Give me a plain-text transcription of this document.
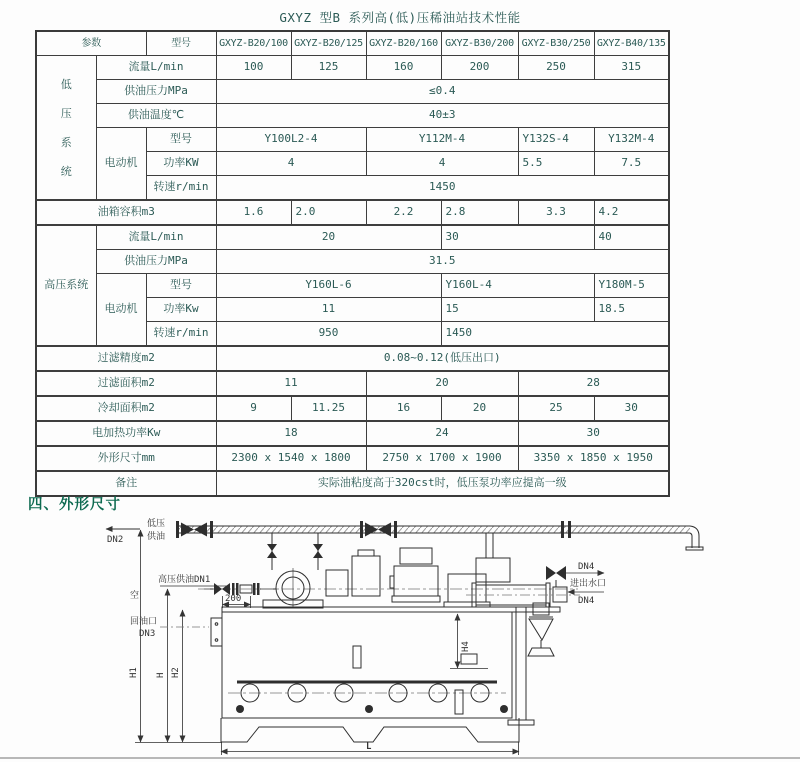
GXYZ 型B 系列高(低)压稀油站技术性能
参数		型号	GXYZ-B20/100	GXYZ-B20/125	GXYZ-B20/160	GXYZ-B30/200	GXYZ-B30/250	GXYZ-B40/135
低压系统	流量L/min		100	125	160	200	250	315
	供油压力MPa		≤0.4					
	供油温度℃		40±3					
	电动机	型号	Y100L2-4		Y112M-4		Y132S-4	Y132M-4
		功率KW	4		4		5.5	7.5
		转速r/min	1450					
油箱容积m3			1.6	2.0	2.2	2.8	3.3	4.2
高压系统	流量L/min		20			30		40
	供油压力MPa		31.5					
	电动机	型号	Y160L-6			Y160L-4		Y180M-5
		功率Kw	11			15		18.5
		转速r/min	950			1450		
过滤精度m2			0.08~0.12(低压出口)					
过滤面积m2			11		20		28	
冷却面积m2			9	11.25	16	20	25	30
电加热功率Kw			18		24		30	
外形尺寸mm			2300 x 1540 x 1800		2750 x 1700 x 1900		3350 x 1850 x 1950	
备注			实际油粘度高于320cst时，低压泵功率应提高一级					
四、外形尺寸
DN2
低压
供油
高压供油DN1
200
空
回油口
DN3
DN4
进出水口
DN4
H1 H H2
H4
L
